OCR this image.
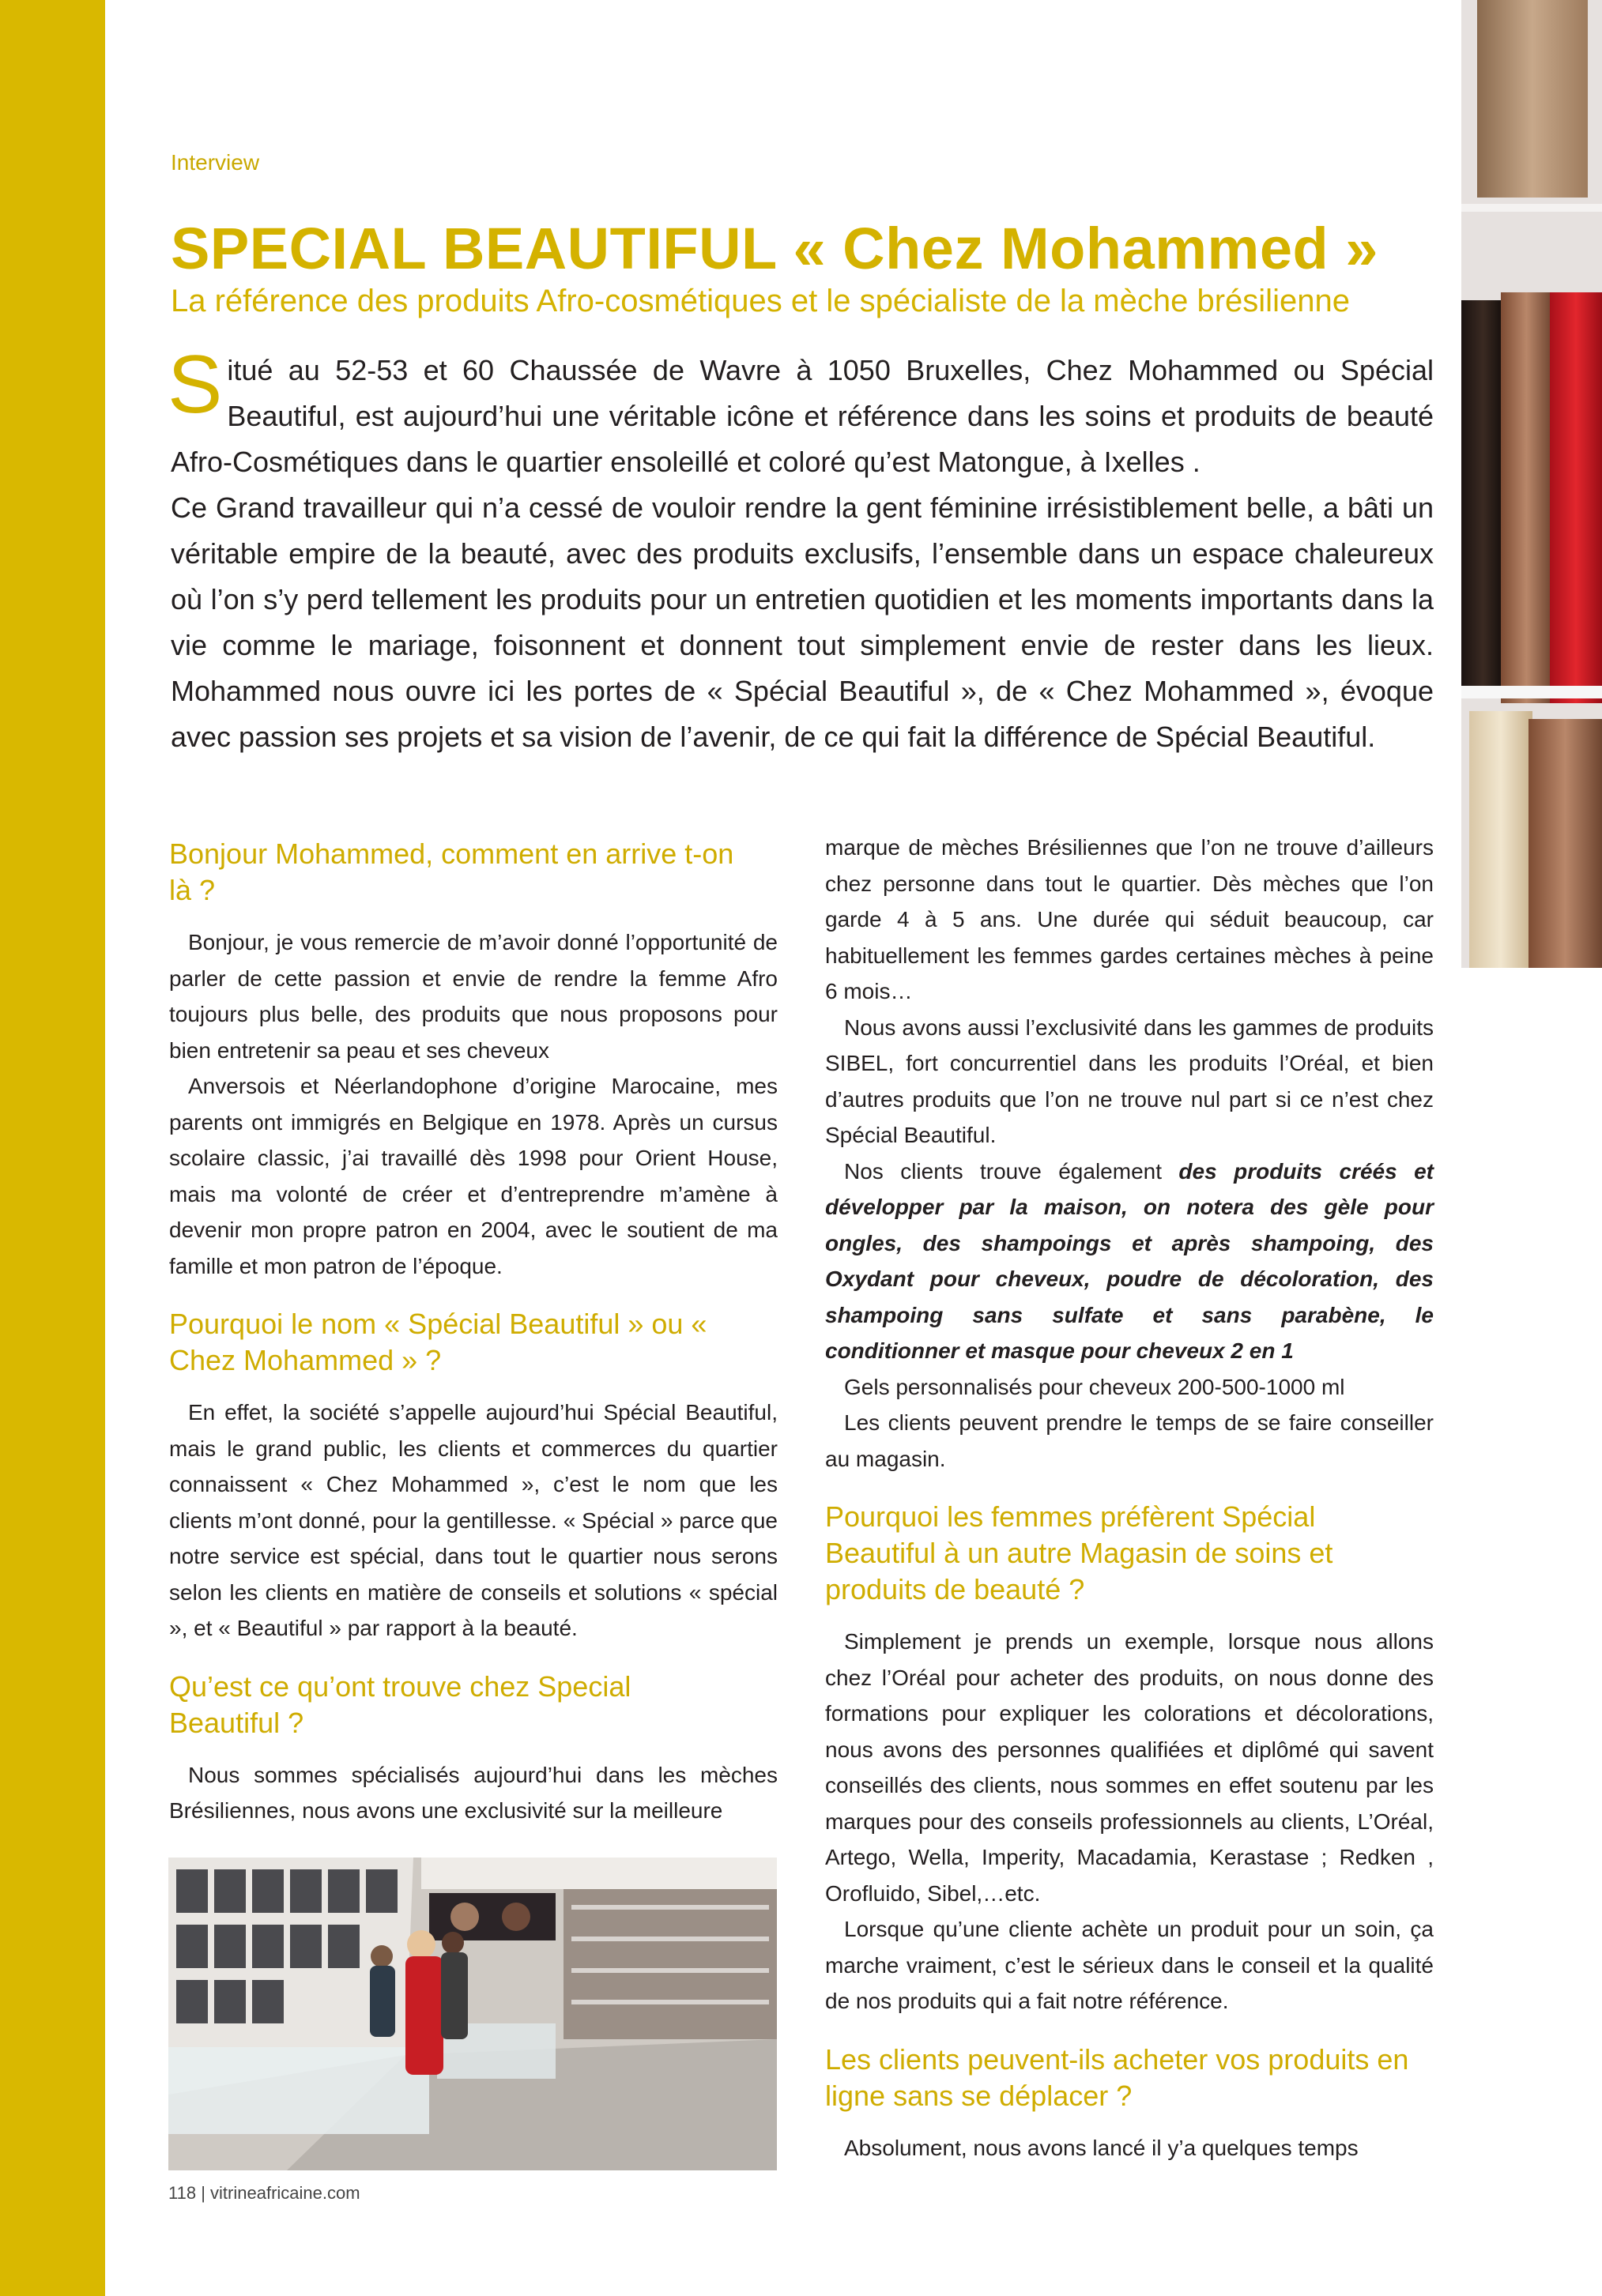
Interview
SPECIAL BEAUTIFUL « Chez Mohammed »
La référence des produits Afro-cosmétiques et le spécialiste de la mèche brésilienne
Situé au 52-53 et 60 Chaussée de Wavre à 1050 Bruxelles, Chez Mohammed ou Spécial Beautiful, est aujourd’hui une véritable icône et référence dans les soins et produits de beauté Afro-Cosmétiques dans le quartier ensoleillé et coloré qu’est Matongue, à Ixelles .
Ce Grand travailleur qui n’a cessé de vouloir rendre la gent féminine irrésistiblement belle, a bâti un véritable empire de la beauté, avec des produits exclusifs, l’ensemble dans un espace chaleureux où l’on s’y perd tellement les produits pour un entretien quotidien et les moments importants dans la vie comme le mariage, foisonnent et donnent tout simplement envie de rester dans les lieux. Mohammed nous ouvre ici les portes de « Spécial Beautiful », de « Chez Mohammed », évoque avec passion ses projets et sa vision de l’avenir, de ce qui fait la différence de Spécial Beautiful.
Bonjour Mohammed, comment en arrive t-on là ?

Bonjour, je vous remercie de m’avoir donné l’opportunité de parler de cette passion et envie de rendre la femme Afro toujours plus belle, des produits que nous proposons pour bien entretenir sa peau et ses cheveux

Anversois et Néerlandophone d’origine Marocaine, mes parents ont immigrés en Belgique en 1978. Après un cursus scolaire classic, j’ai travaillé dès 1998 pour Orient House, mais ma volonté de créer et d’entreprendre m’amène à devenir mon propre patron en 2004, avec le soutient de ma famille et mon patron de l’époque.

Pourquoi le nom « Spécial Beautiful » ou « Chez Mohammed » ?

En effet, la société s’appelle aujourd’hui Spécial Beautiful, mais le grand public, les clients et commerces du quartier connaissent « Chez Mohammed », c’est le nom que les clients m’ont donné, pour la gentillesse. « Spécial » parce que notre service est spécial, dans tout le quartier nous serons selon les clients en matière de conseils et solutions « spécial », et « Beautiful » par rapport à la beauté.

Qu’est ce qu’ont trouve chez Special Beautiful ?

Nous sommes spécialisés aujourd’hui dans les mèches Brésiliennes, nous avons une exclusivité sur la meilleure

marque de mèches Brésiliennes que l’on ne trouve d’ailleurs chez personne dans tout le quartier. Dès mèches que l’on garde 4 à 5 ans. Une durée qui séduit beaucoup, car habituellement les femmes gardes certaines mèches à peine 6 mois…

Nous avons aussi l’exclusivité dans les gammes de produits SIBEL, fort concurrentiel dans les produits l’Oréal, et bien d’autres produits que l’on ne trouve nul part si ce n’est chez Spécial Beautiful.

Nos clients trouve également des produits créés et développer par la maison, on notera des gèle pour ongles, des shampoings et après shampoing, des Oxydant pour cheveux, poudre de décoloration, des shampoing sans sulfate et sans parabène, le conditionner et masque pour cheveux 2 en 1

Gels personnalisés pour cheveux 200-500-1000 ml

Les clients peuvent prendre le temps de se faire conseiller au magasin.

Pourquoi les femmes préfèrent Spécial Beautiful à un autre Magasin de soins et produits de beauté ?

Simplement je prends un exemple, lorsque nous allons chez l’Oréal pour acheter des produits, on nous donne des formations pour expliquer les colorations et décolorations, nous avons des personnes qualifiées et diplômé qui savent conseillés des clients, nous sommes en effet soutenu par les marques pour des conseils professionnels au clients, L’Oréal, Artego, Wella, Imperity, Macadamia, Kerastase ; Redken , Orofluido, Sibel,…etc.

Lorsque qu’une cliente achète un produit pour un soin, ça marche vraiment, c’est le sérieux dans le conseil et la qualité de nos produits qui a fait notre référence.

Les clients peuvent-ils acheter vos produits en ligne sans se déplacer ?

Absolument, nous avons lancé il y’a quelques temps

118 | vitrineafricaine.com
